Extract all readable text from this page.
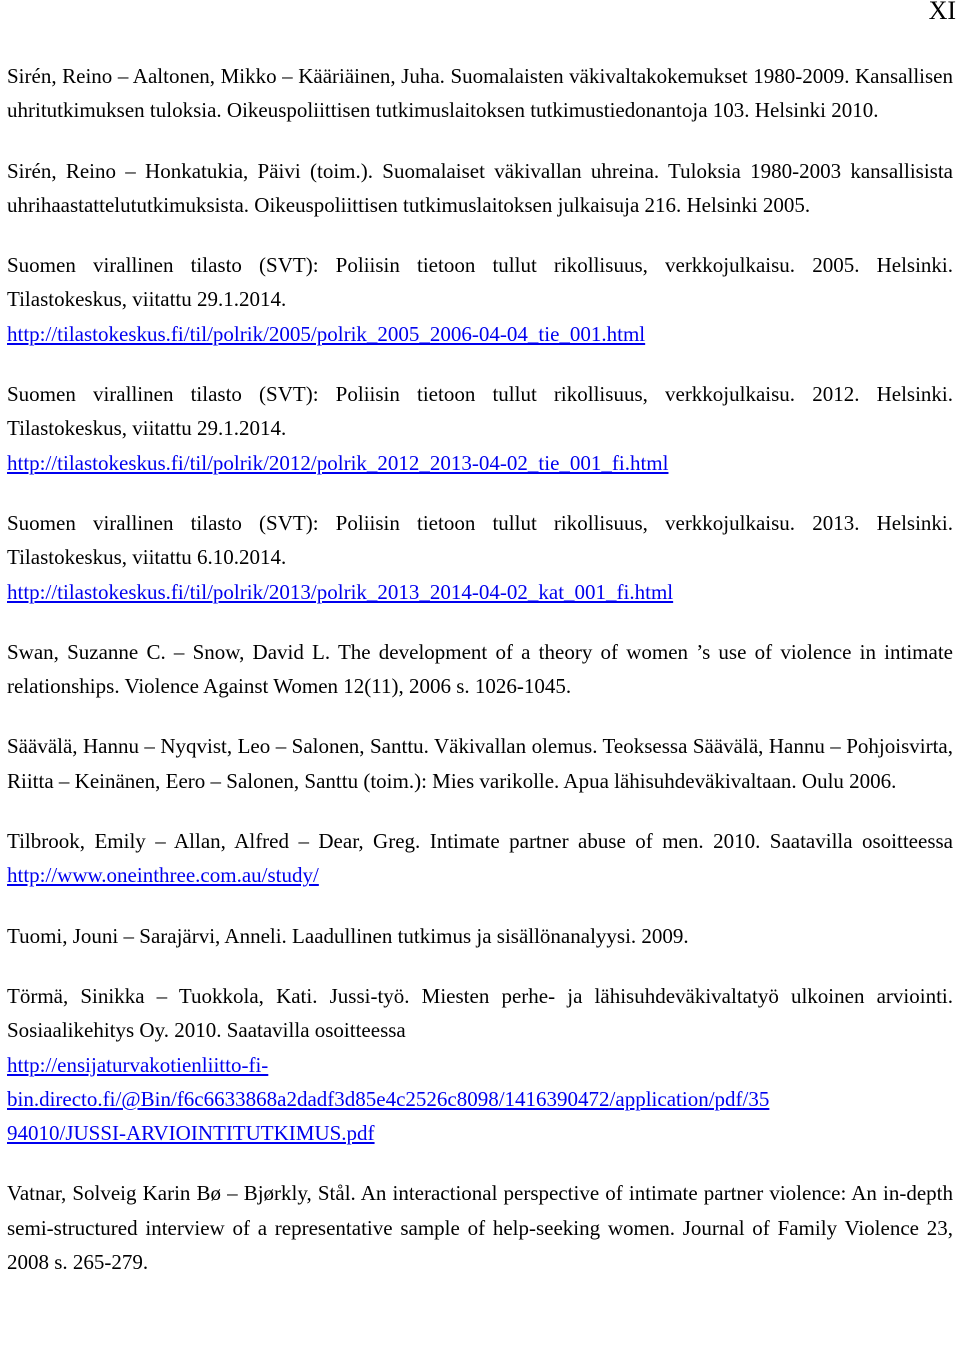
XI

Sirén, Reino – Aaltonen, Mikko – Kääriäinen, Juha. Suomalaisten väkivaltakokemukset 1980-2009. Kansallisen uhritutkimuksen tuloksia. Oikeuspoliittisen tutkimuslaitoksen tutkimustiedonantoja 103. Helsinki 2010.

Sirén, Reino – Honkatukia, Päivi (toim.). Suomalaiset väkivallan uhreina. Tuloksia 1980-2003 kansallisista uhrihaastattelututkimuksista. Oikeuspoliittisen tutkimuslaitoksen julkaisuja 216. Helsinki 2005.

Suomen virallinen tilasto (SVT): Poliisin tietoon tullut rikollisuus, verkkojulkaisu. 2005. Helsinki. Tilastokeskus, viitattu 29.1.2014.
http://tilastokeskus.fi/til/polrik/2005/polrik_2005_2006-04-04_tie_001.html

Suomen virallinen tilasto (SVT): Poliisin tietoon tullut rikollisuus, verkkojulkaisu. 2012. Helsinki. Tilastokeskus, viitattu 29.1.2014.
http://tilastokeskus.fi/til/polrik/2012/polrik_2012_2013-04-02_tie_001_fi.html

Suomen virallinen tilasto (SVT): Poliisin tietoon tullut rikollisuus, verkkojulkaisu. 2013. Helsinki. Tilastokeskus, viitattu 6.10.2014.
http://tilastokeskus.fi/til/polrik/2013/polrik_2013_2014-04-02_kat_001_fi.html

Swan, Suzanne C. – Snow, David L. The development of a theory of women ’s use of violence in intimate relationships. Violence Against Women 12(11), 2006 s. 1026-1045.

Säävälä, Hannu – Nyqvist, Leo – Salonen, Santtu. Väkivallan olemus. Teoksessa Säävälä, Hannu – Pohjoisvirta, Riitta – Keinänen, Eero – Salonen, Santtu (toim.): Mies varikolle. Apua lähisuhdeväkivaltaan. Oulu 2006.

Tilbrook, Emily – Allan, Alfred – Dear, Greg. Intimate partner abuse of men. 2010. Saatavilla osoitteessa http://www.oneinthree.com.au/study/

Tuomi, Jouni – Sarajärvi, Anneli. Laadullinen tutkimus ja sisällönanalyysi. 2009.

Törmä, Sinikka – Tuokkola, Kati. Jussi-työ. Miesten perhe- ja lähisuhdeväkivaltatyö ulkoinen arviointi. Sosiaalikehitys Oy. 2010. Saatavilla osoitteessa
http://ensijaturvakotienliitto-fi-
bin.directo.fi/@Bin/f6c6633868a2dadf3d85e4c2526c8098/1416390472/application/pdf/35
94010/JUSSI-ARVIOINTITUTKIMUS.pdf

Vatnar, Solveig Karin Bø – Bjørkly, Stål. An interactional perspective of intimate partner violence: An in-depth semi-structured interview of a representative sample of help-seeking women. Journal of Family Violence 23, 2008 s. 265-279.
